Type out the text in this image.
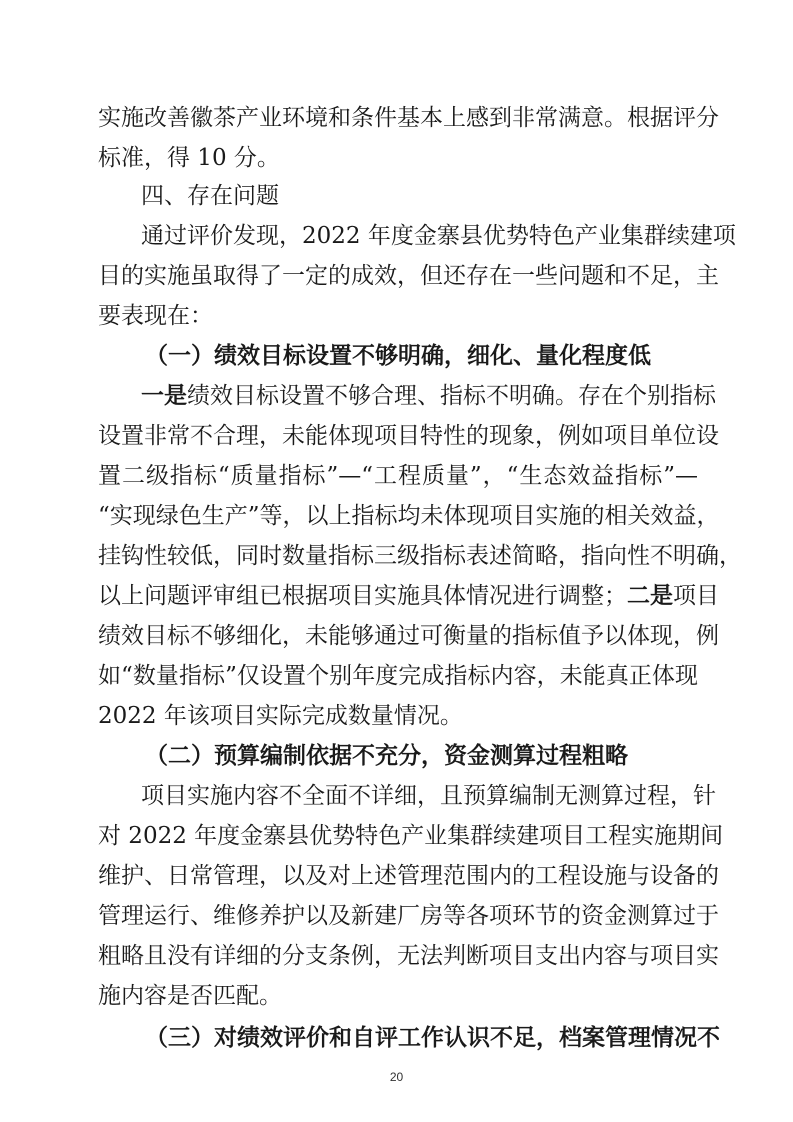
实施改善徽茶产业环境和条件基本上感到非常满意。根据评分
标准，得 10 分。
四、存在问题
通过评价发现，2022 年度金寨县优势特色产业集群续建项
目的实施虽取得了一定的成效，但还存在一些问题和不足，主
要表现在：
（一）绩效目标设置不够明确，细化、量化程度低
一是 绩效目标设置不够合理、指标不明确。存在个别指标
设置非常不合理，未能体现项目特性的现象，例如项目单位设
置二级指标“质量指标”—“工程质量”，“生态效益指标”—
“实现绿色生产”等，以上指标均未体现项目实施的相关效益，
挂钩性较低，同时数量指标三级指标表述简略，指向性不明确，
以上问题评审组已根据项目实施具体情况进行调整； 二是 项目
绩效目标不够细化，未能够通过可衡量的指标值予以体现，例
如“数量指标”仅设置个别年度完成指标内容，未能真正体现
2022 年该项目实际完成数量情况。
（二）预算编制依据不充分，资金测算过程粗略
项目实施内容不全面不详细，且预算编制无测算过程，针
对 2022 年度金寨县优势特色产业集群续建项目工程实施期间
维护、日常管理，以及对上述管理范围内的工程设施与设备的
管理运行、维修养护以及新建厂房等各项环节的资金测算过于
粗略且没有详细的分支条例，无法判断项目支出内容与项目实
施内容是否匹配。
（三）对绩效评价和自评工作认识不足，档案管理情况不
20
